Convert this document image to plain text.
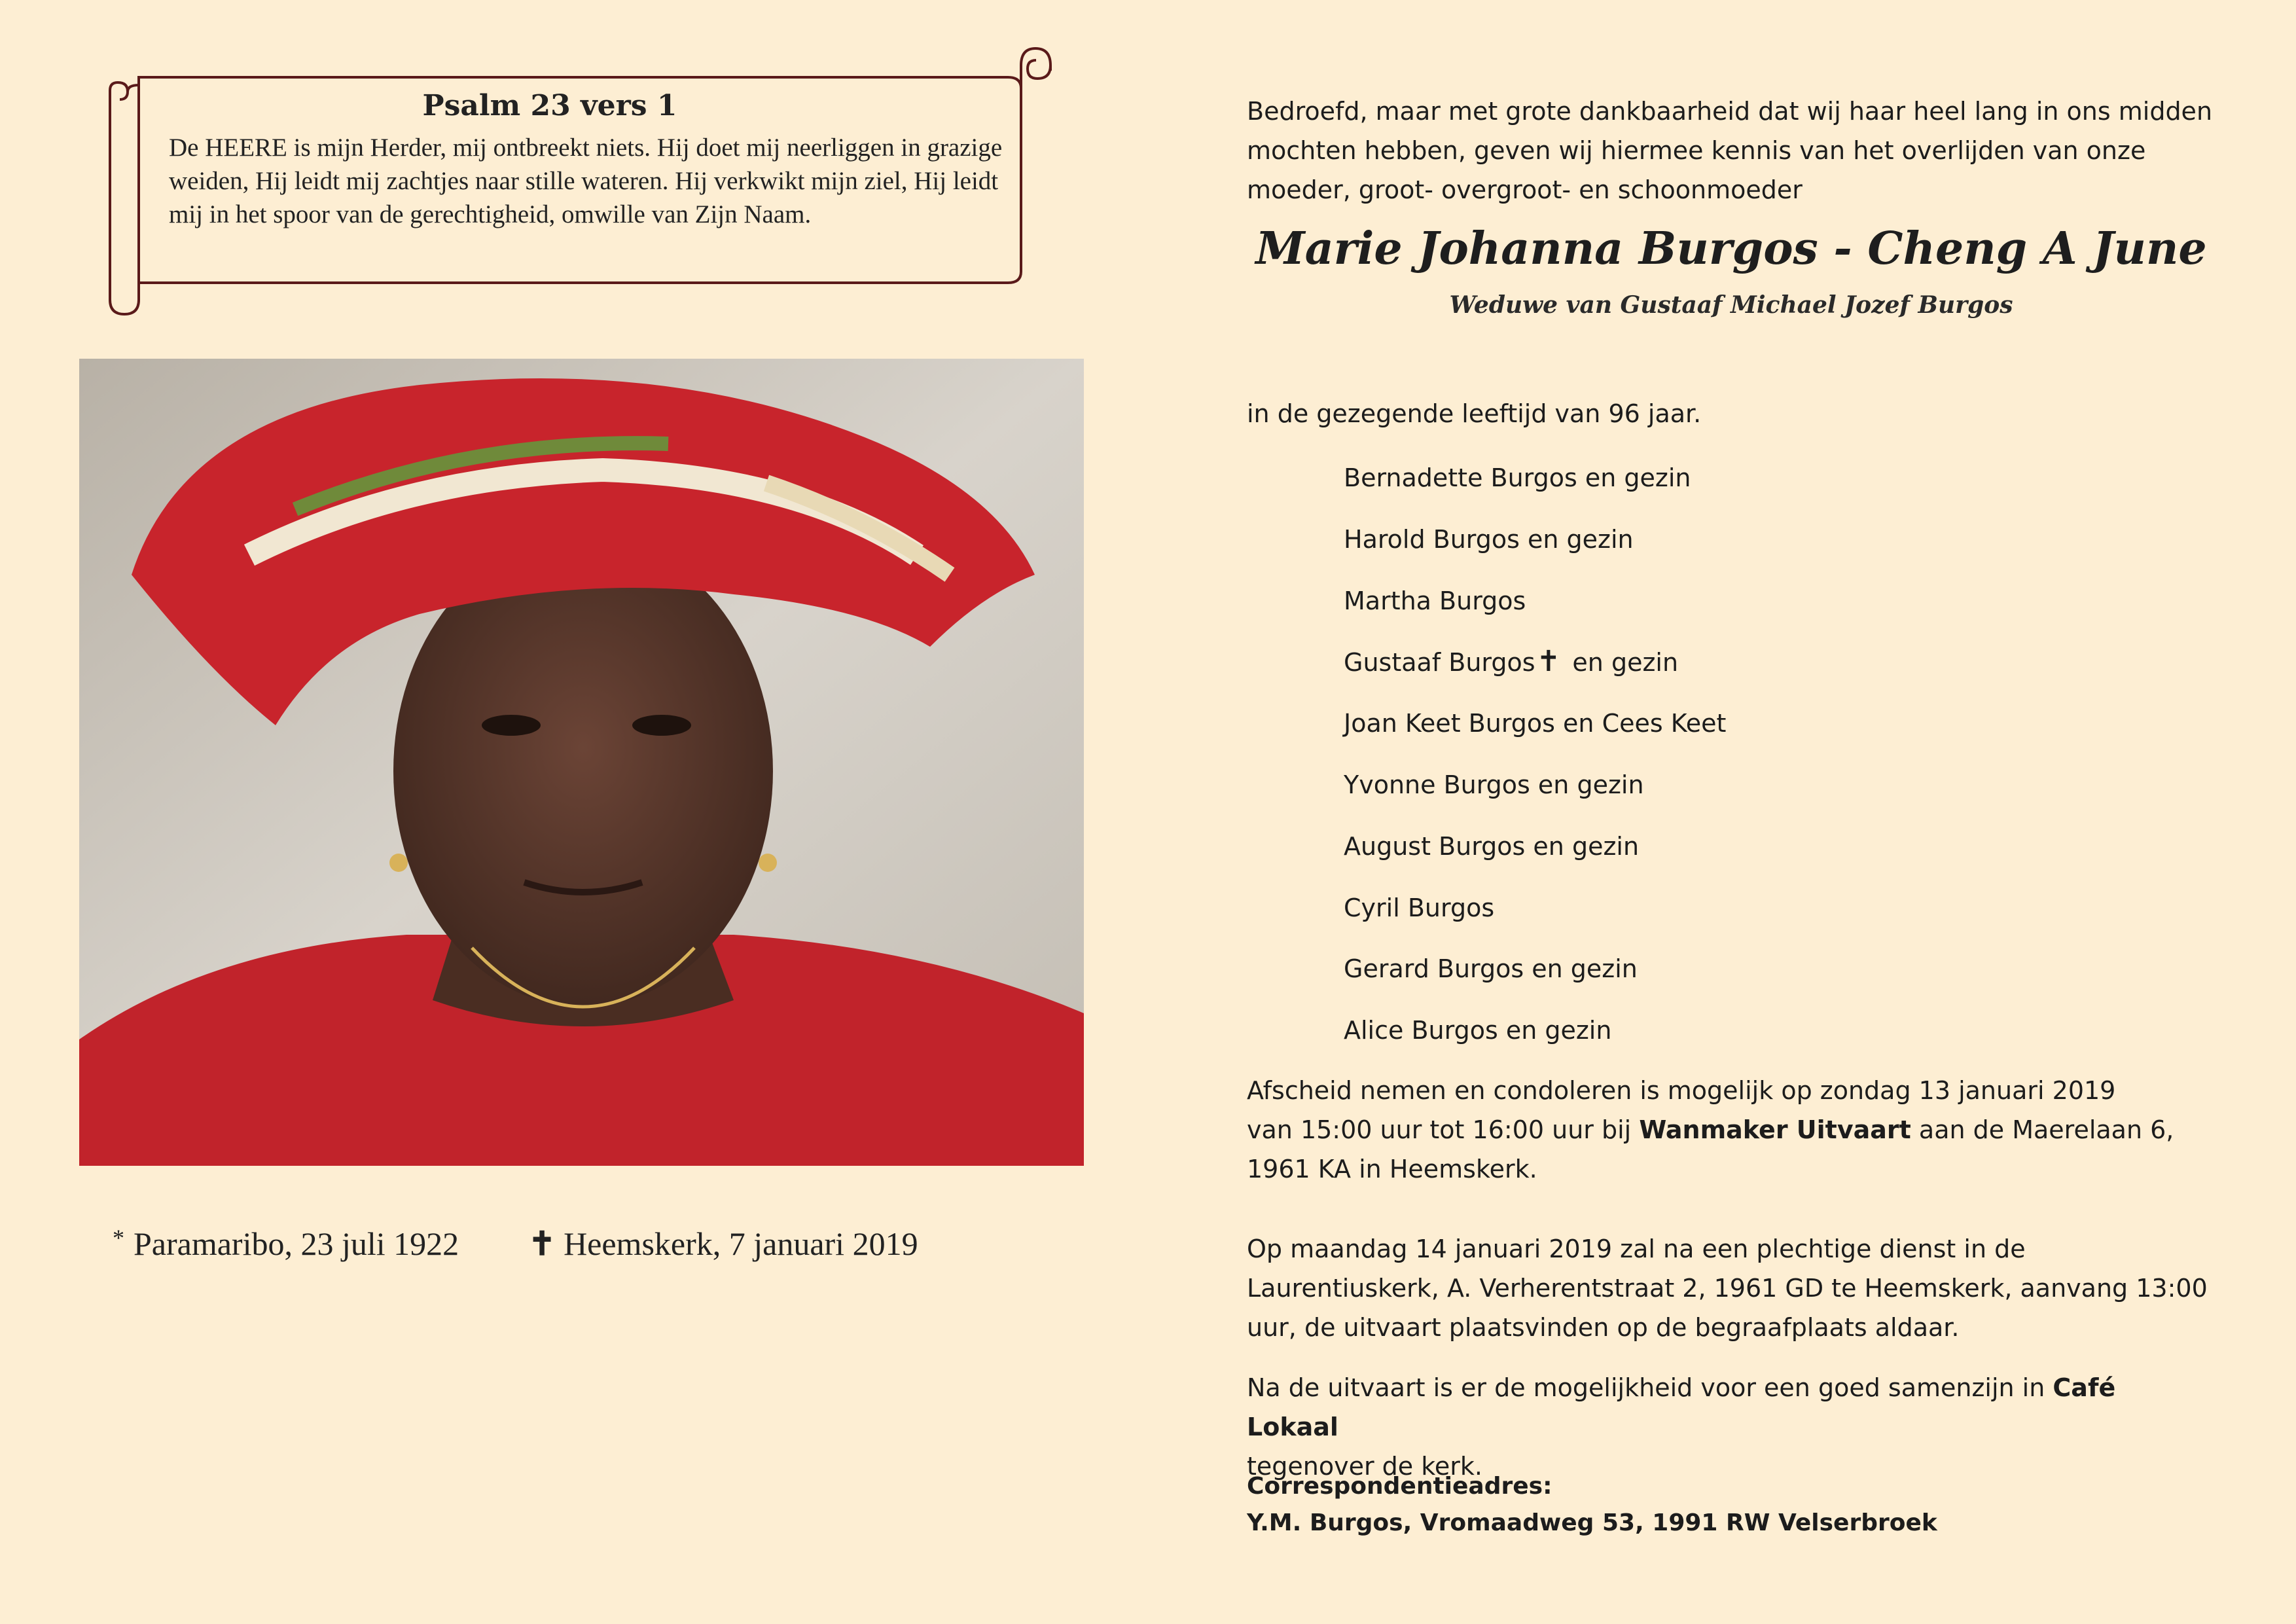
Psalm 23 vers 1
De HEERE is mijn Herder, mij ontbreekt niets. Hij doet mij neerliggen in grazige weiden, Hij leidt mij zachtjes naar stille wateren. Hij verkwikt mijn ziel, Hij leidt mij in het spoor van de gerechtigheid, omwille van Zijn Naam.
* Paramaribo, 23 juli 1922 ✝ Heemskerk, 7 januari 2019
Bedroefd, maar met grote dankbaarheid dat wij haar heel lang in ons midden mochten hebben, geven wij hiermee kennis van het overlijden van onze moeder, groot- overgroot- en schoonmoeder
Marie Johanna Burgos - Cheng A June
Weduwe van Gustaaf Michael Jozef Burgos
in de gezegende leeftijd van 96 jaar.
Bernadette Burgos en gezin
Harold Burgos en gezin
Martha Burgos
Gustaaf Burgos✝ en gezin
Joan Keet Burgos en Cees Keet
Yvonne Burgos en gezin
August Burgos en gezin
Cyril Burgos
Gerard Burgos en gezin
Alice Burgos en gezin
Afscheid nemen en condoleren is mogelijk op zondag 13 januari 2019
van 15:00 uur tot 16:00 uur bij Wanmaker Uitvaart aan de Maerelaan 6,
1961 KA in Heemskerk.
Op maandag 14 januari 2019 zal na een plechtige dienst in de Laurentiuskerk, A. Verherentstraat 2, 1961 GD te Heemskerk, aanvang 13:00 uur, de uitvaart plaatsvinden op de begraafplaats aldaar.
Na de uitvaart is er de mogelijkheid voor een goed samenzijn in Café Lokaal
tegenover de kerk.
Correspondentieadres:
Y.M. Burgos, Vromaadweg 53, 1991 RW Velserbroek
